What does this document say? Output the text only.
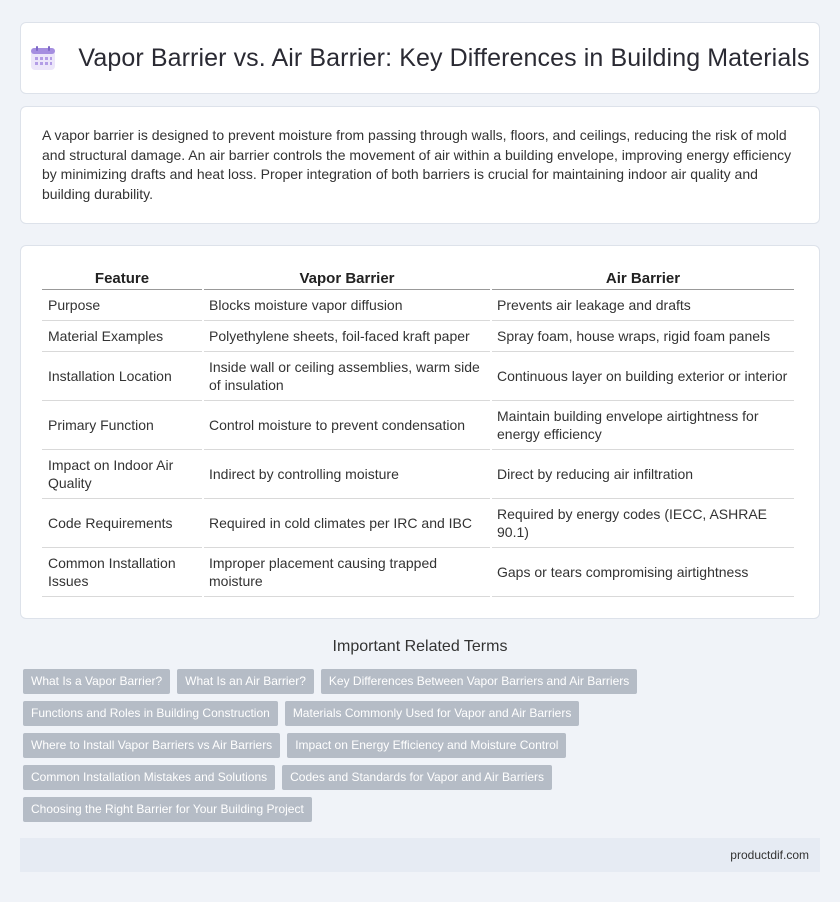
Vapor Barrier vs. Air Barrier: Key Differences in Building Materials

A vapor barrier is designed to prevent moisture from passing through walls, floors, and ceilings, reducing the risk of mold and structural damage. An air barrier controls the movement of air within a building envelope, improving energy efficiency by minimizing drafts and heat loss. Proper integration of both barriers is crucial for maintaining indoor air quality and building durability.

Feature	Vapor Barrier	Air Barrier
Purpose	Blocks moisture vapor diffusion	Prevents air leakage and drafts
Material Examples	Polyethylene sheets, foil-faced kraft paper	Spray foam, house wraps, rigid foam panels
Installation Location	Inside wall or ceiling assemblies, warm side of insulation	Continuous layer on building exterior or interior
Primary Function	Control moisture to prevent condensation	Maintain building envelope airtightness for energy efficiency
Impact on Indoor Air Quality	Indirect by controlling moisture	Direct by reducing air infiltration
Code Requirements	Required in cold climates per IRC and IBC	Required by energy codes (IECC, ASHRAE 90.1)
Common Installation Issues	Improper placement causing trapped moisture	Gaps or tears compromising airtightness
Important Related Terms
What Is a Vapor Barrier?	What Is an Air Barrier?	Key Differences Between Vapor Barriers and Air Barriers
Functions and Roles in Building Construction	Materials Commonly Used for Vapor and Air Barriers
Where to Install Vapor Barriers vs Air Barriers	Impact on Energy Efficiency and Moisture Control
Common Installation Mistakes and Solutions	Codes and Standards for Vapor and Air Barriers
Choosing the Right Barrier for Your Building Project
productdif.com
